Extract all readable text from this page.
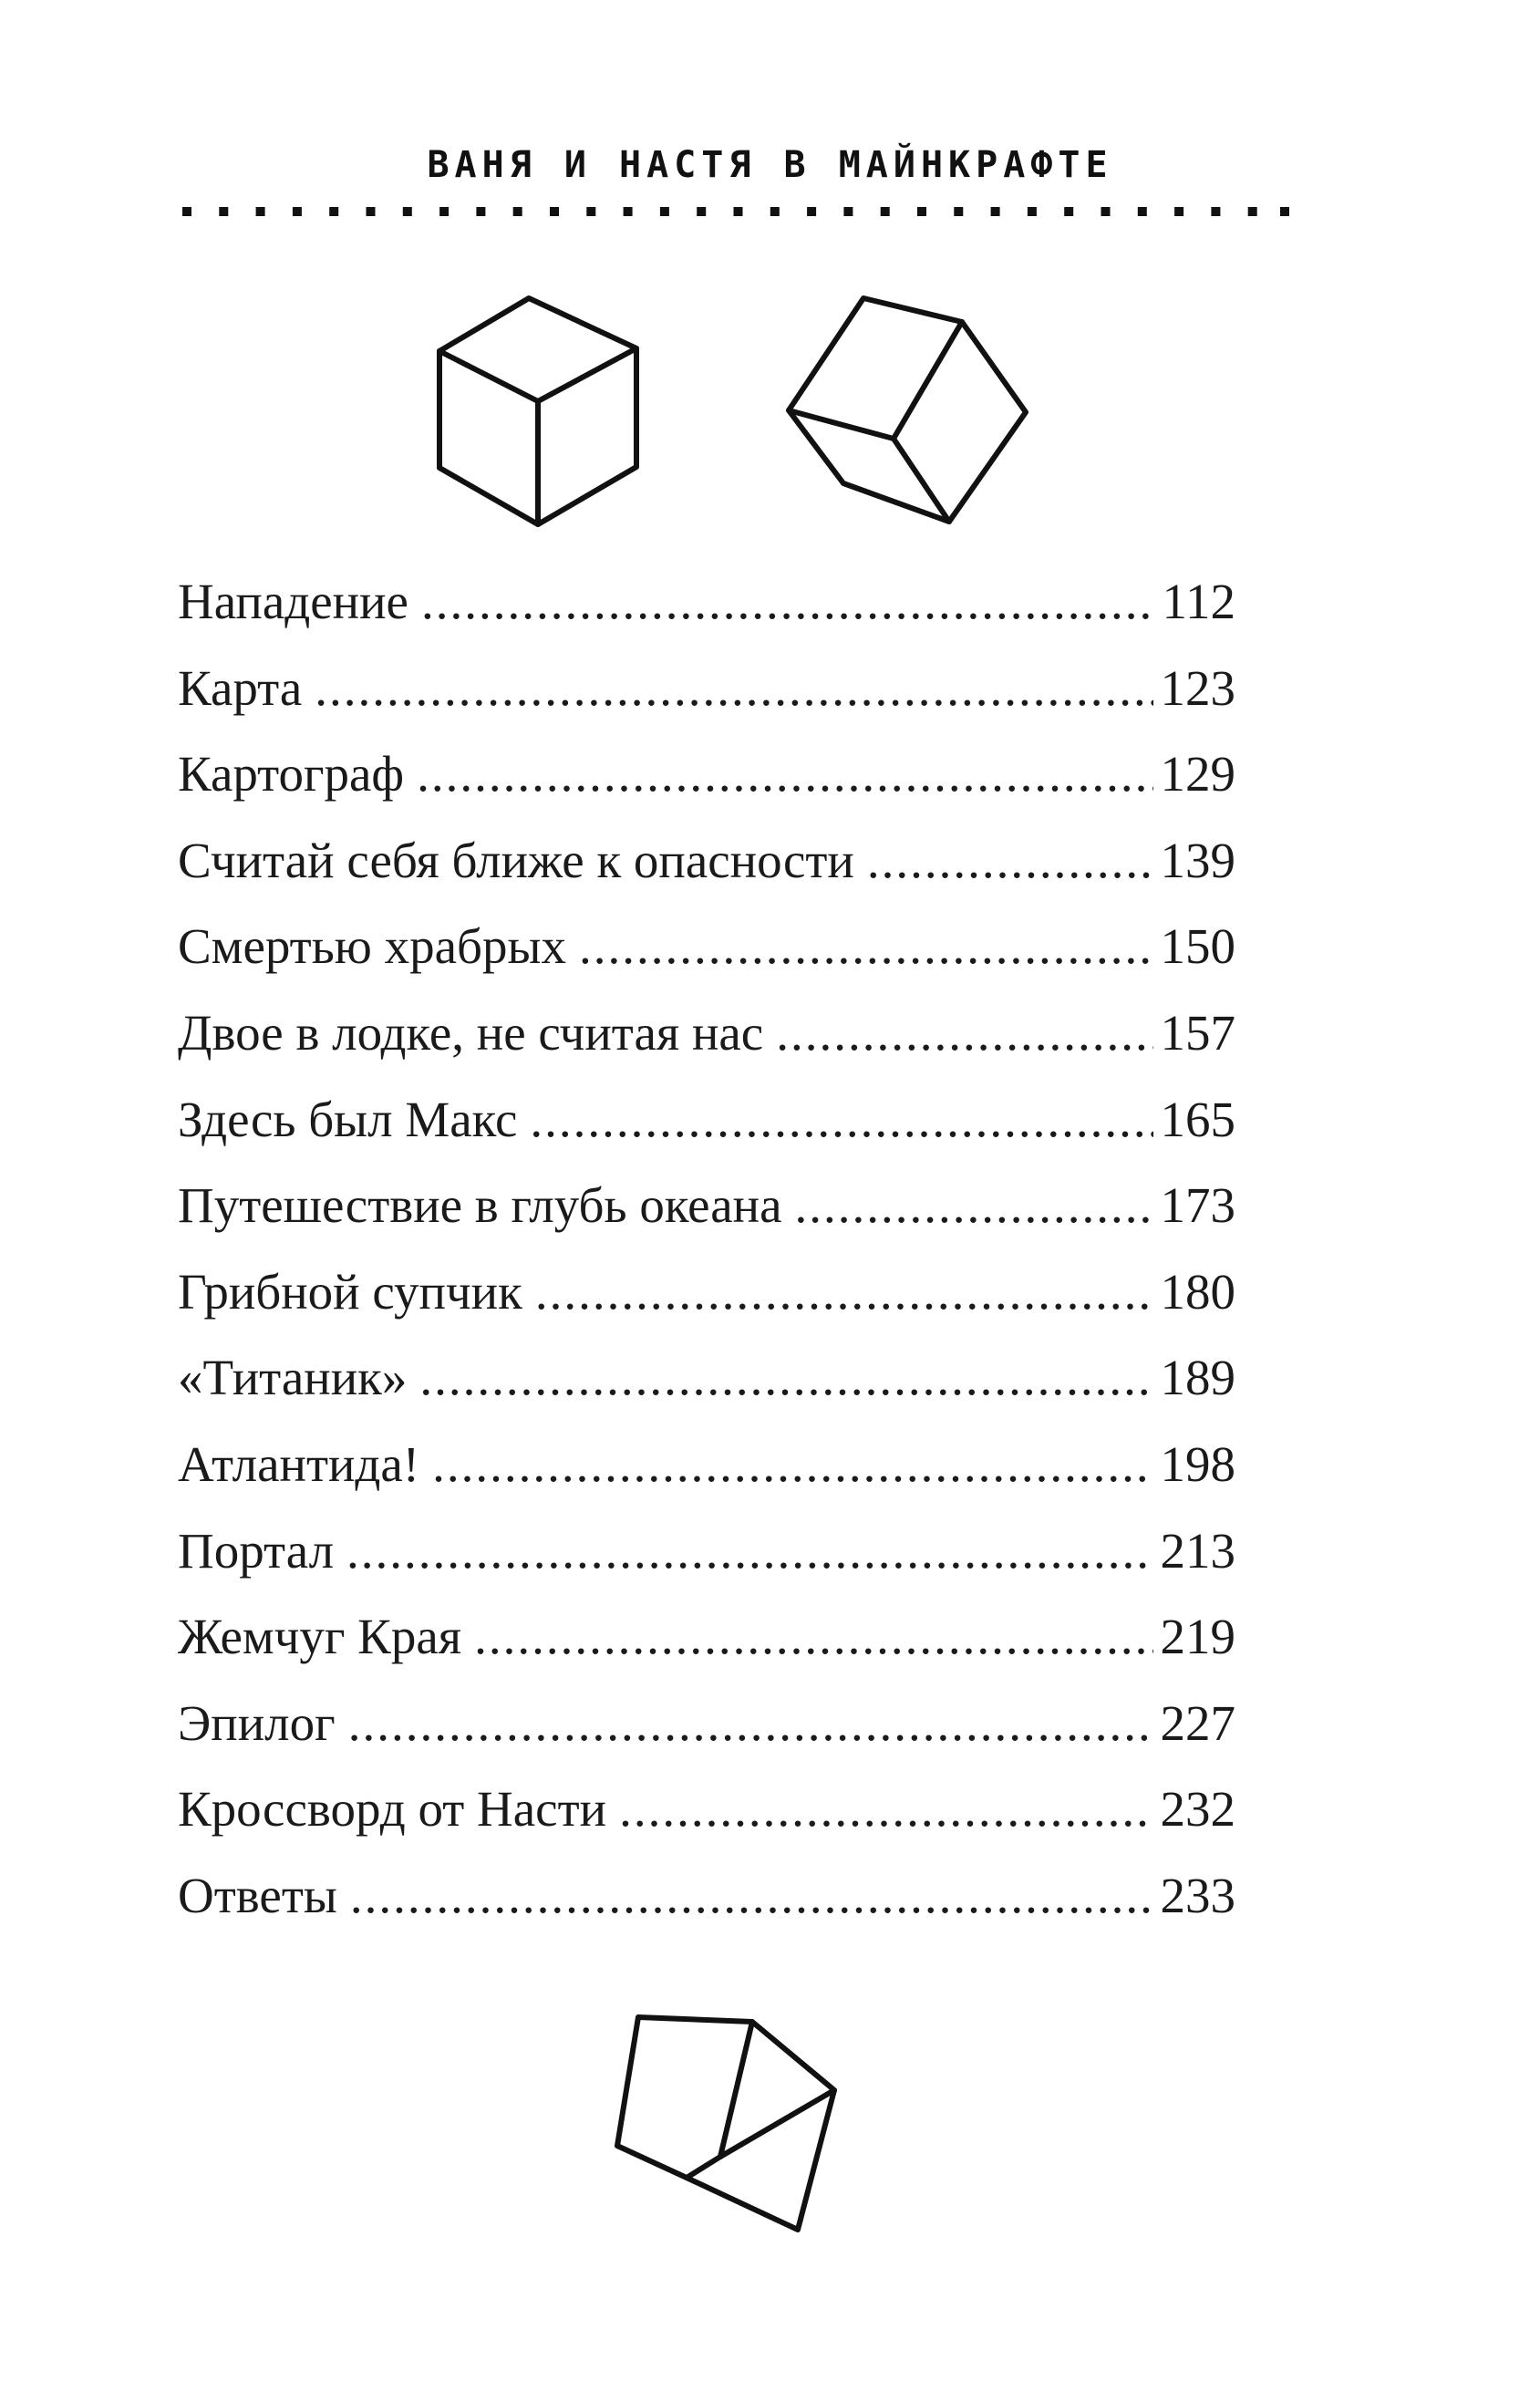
ВАНЯ И НАСТЯ В МАЙНКРАФТЕ
Нападение .....	112
Карта .....	123
Картограф .....	129
Считай себя ближе к опасности .....	139
Смертью храбрых .....	150
Двое в лодке, не считая нас .....	157
Здесь был Макс .....	165
Путешествие в глубь океана .....	173
Грибной супчик .....	180
«Титаник» .....	189
Атлантида! .....	198
Портал .....	213
Жемчуг Края .....	219
Эпилог .....	227
Кроссворд от Насти .....	232
Ответы .....	233
